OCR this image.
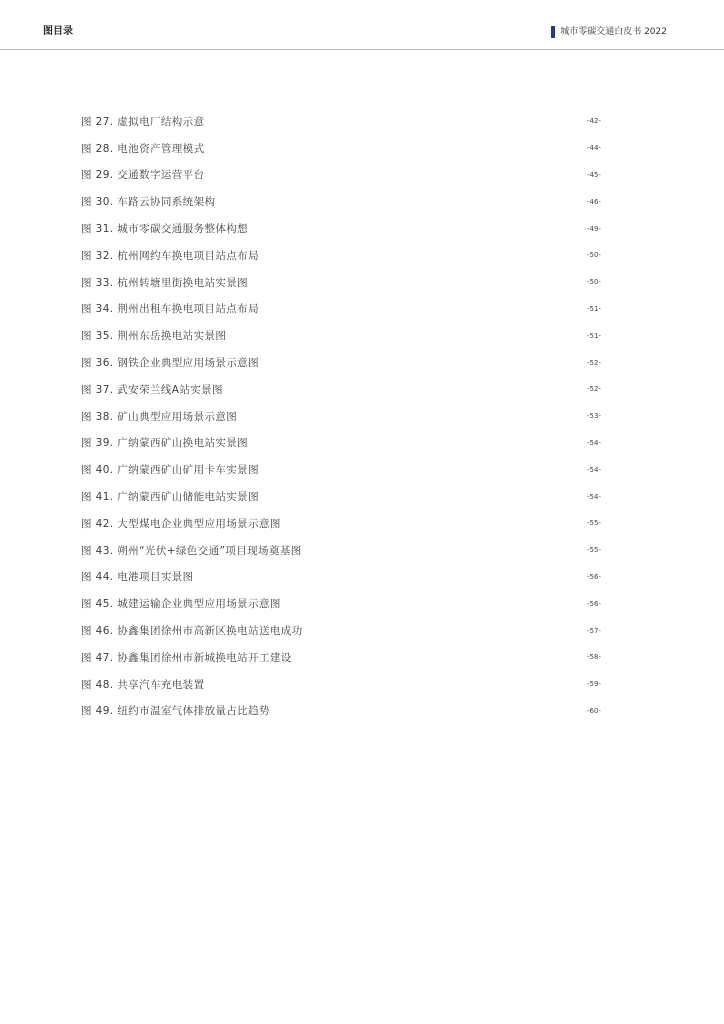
图目录	城市零碳交通白皮书 2022
图 27. 虚拟电厂结构示意	-42-
图 28. 电池资产管理模式	-44-
图 29. 交通数字运营平台	-45-
图 30. 车路云协同系统架构	-46-
图 31. 城市零碳交通服务整体构想	-49-
图 32. 杭州网约车换电项目站点布局	-50-
图 33. 杭州转塘里街换电站实景图	-50-
图 34. 荆州出租车换电项目站点布局	-51-
图 35. 荆州东岳换电站实景图	-51-
图 36. 钢铁企业典型应用场景示意图	-52-
图 37. 武安荣兰线A站实景图	-52-
图 38. 矿山典型应用场景示意图	-53-
图 39. 广纳蒙西矿山换电站实景图	-54-
图 40. 广纳蒙西矿山矿用卡车实景图	-54-
图 41. 广纳蒙西矿山储能电站实景图	-54-
图 42. 大型煤电企业典型应用场景示意图	-55-
图 43. 朔州“光伏+绿色交通”项目现场奠基图	-55-
图 44. 电港项目实景图	-56-
图 45. 城建运输企业典型应用场景示意图	-56-
图 46. 协鑫集团徐州市高新区换电站送电成功	-57-
图 47. 协鑫集团徐州市新城换电站开工建设	-58-
图 48. 共享汽车充电装置	-59-
图 49. 纽约市温室气体排放量占比趋势	-60-
